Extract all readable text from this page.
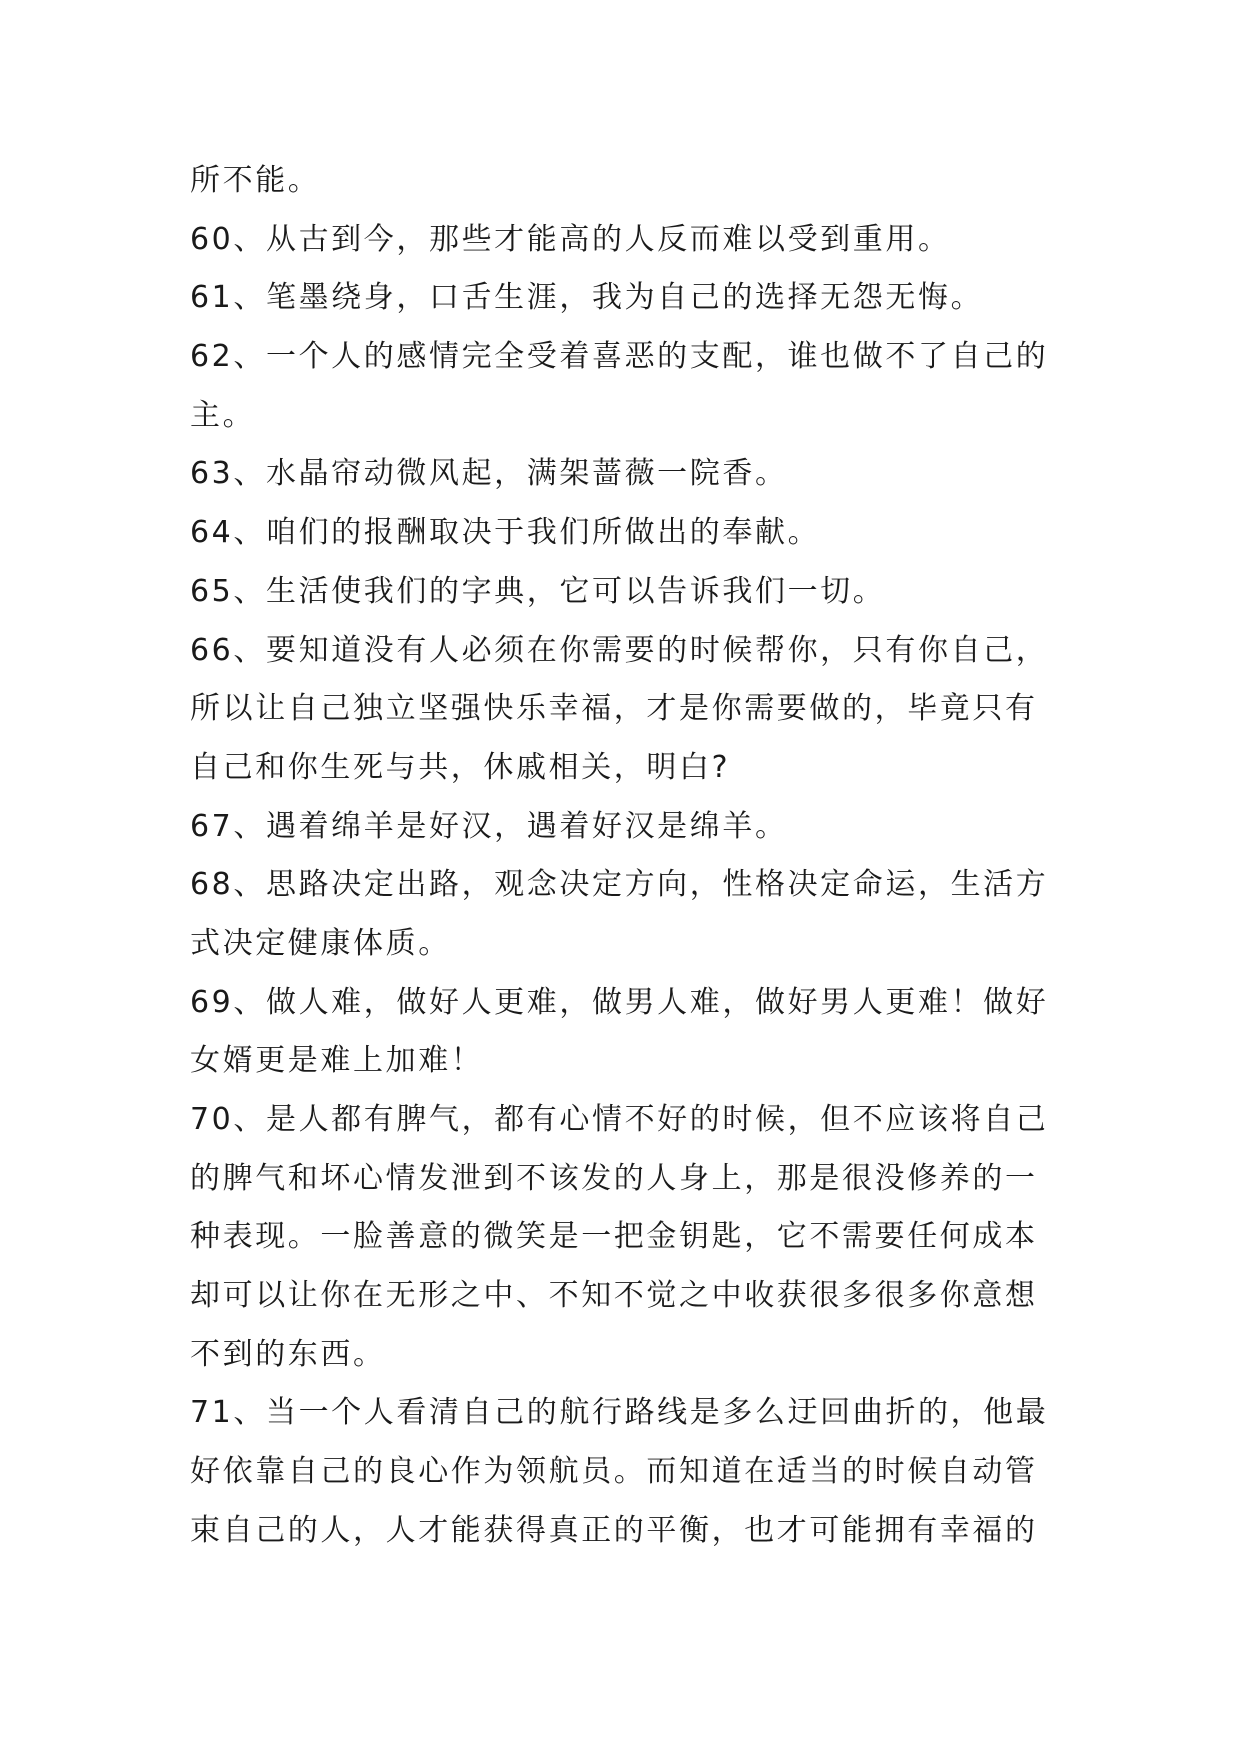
所不能。
60、从古到今，那些才能高的人反而难以受到重用。
61、笔墨绕身，口舌生涯，我为自己的选择无怨无悔。
62、一个人的感情完全受着喜恶的支配，谁也做不了自己的
主。
63、水晶帘动微风起，满架蔷薇一院香。
64、咱们的报酬取决于我们所做出的奉献。
65、生活使我们的字典，它可以告诉我们一切。
66、要知道没有人必须在你需要的时候帮你，只有你自己，
所以让自己独立坚强快乐幸福，才是你需要做的，毕竟只有
自己和你生死与共，休戚相关，明白?
67、遇着绵羊是好汉，遇着好汉是绵羊。
68、思路决定出路，观念决定方向，性格决定命运，生活方
式决定健康体质。
69、做人难，做好人更难，做男人难，做好男人更难！做好
女婿更是难上加难！
70、是人都有脾气，都有心情不好的时候，但不应该将自己
的脾气和坏心情发泄到不该发的人身上，那是很没修养的一
种表现。一脸善意的微笑是一把金钥匙，它不需要任何成本
却可以让你在无形之中、不知不觉之中收获很多很多你意想
不到的东西。
71、当一个人看清自己的航行路线是多么迂回曲折的，他最
好依靠自己的良心作为领航员。而知道在适当的时候自动管
束自己的人，人才能获得真正的平衡，也才可能拥有幸福的
